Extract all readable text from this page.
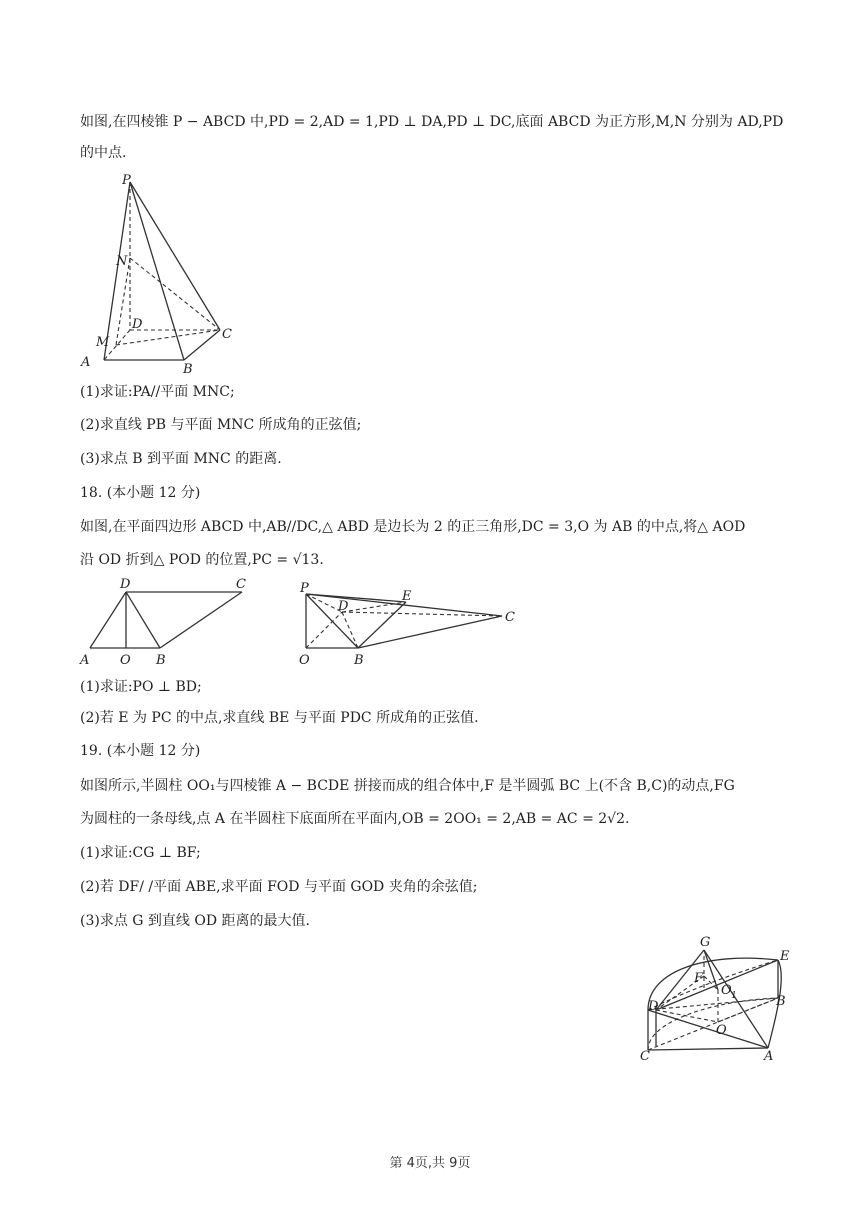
如图,在四棱锥 P − ABCD 中,PD = 2,AD = 1,PD ⊥ DA,PD ⊥ DC,底面 ABCD 为正方形,M,N 分别为 AD,PD
的中点.
P
N
D
C
M
A	B
(1)求证:PA//平面 MNC;
(2)求直线 PB 与平面 MNC 所成角的正弦值;
(3)求点 B 到平面 MNC 的距离.
18. (本小题 12 分)
如图,在平面四边形 ABCD 中,AB//DC,△ ABD 是边长为 2 的正三角形,DC = 3,O 为 AB 的中点,将△ AOD
沿 OD 折到△ POD 的位置,PC = √13.
D	C
A O B
P
D
E
C
O	B
(1)求证:PO ⊥ BD;
(2)若 E 为 PC 的中点,求直线 BE 与平面 PDC 所成角的正弦值.
19. (本小题 12 分)
如图所示,半圆柱 OO₁与四棱锥 A − BCDE 拼接而成的组合体中,F 是半圆弧 BC 上(不含 B,C)的动点,FG
为圆柱的一条母线,点 A 在半圆柱下底面所在平面内,OB = 2OO₁ = 2,AB = AC = 2√2.
(1)求证:CG ⊥ BF;
(2)若 DF/ /平面 ABE,求平面 FOD 与平面 GOD 夹角的余弦值;
(3)求点 G 到直线 OD 距离的最大值.
G
E
F
O 1	B
D
O
C	A
第 4页,共 9页
